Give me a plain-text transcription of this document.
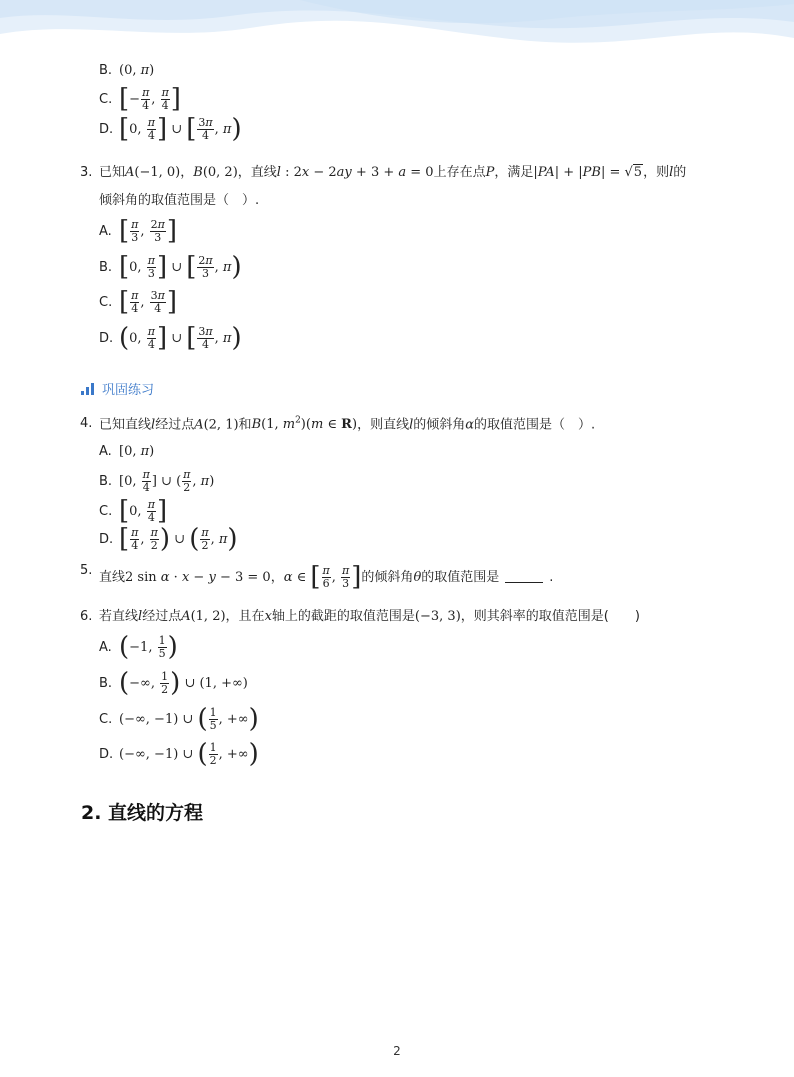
B. (0, π)
C. [ − $\frac{\pi}{4}$ , $\frac{\pi}{4}$ ]
D. [ 0, $\frac{\pi}{4}$ ] ∪ [ $\frac{3\pi}{4}$ , π )
3. 已知A(−1, 0)，B(0, 2)，直线l : 2x − 2ay + 3 + a = 0上存在点P，满足|PA| + |PB| = √5，则l的
倾斜角的取值范围是（　）.
A. [ $\frac{\pi}{3}$ , $\frac{2\pi}{3}$ ]
B. [ 0, $\frac{\pi}{3}$ ] ∪ [ $\frac{2\pi}{3}$ , π )
C. [ $\frac{\pi}{4}$ , $\frac{3\pi}{4}$ ]
D. ( 0, $\frac{\pi}{4}$ ] ∪ [ $\frac{3\pi}{4}$ , π )
巩固练习
4. 已知直线l经过点A(2, 1)和B(1, $m^2)(m$ ∈ R)，则直线l的倾斜角α的取值范围是（　）.
A. [0, π)
B. [0, $\frac{\pi}{4}$ ] ∪ ( $\frac{\pi}{2}$ , π)
C. [ 0, $\frac{\pi}{4}$ ]
D. [ $\frac{\pi}{4}$ , $\frac{\pi}{2}$ ) ∪ ( $\frac{\pi}{2}$ , π )
5. 直线 2 sin α · x − y − 3 = 0 ， α ∈ [ $\frac{\pi}{6}$ , $\frac{\pi}{3}$ ] 的倾斜角 θ 的取值范围是	.
6. 若直线l经过点A(1, 2)，且在x轴上的截距的取值范围是(−3, 3)，则其斜率的取值范围是(　　)
A. ( −1, $\frac{1}{5}$ )
B. ( −∞, $\frac{1}{2}$ ) ∪ (1, +∞)
C. (−∞, −1) ∪ ( $\frac{1}{5}$ , +∞ )
D. (−∞, −1) ∪ ( $\frac{1}{2}$ , +∞ )
2. 直线的方程
2
